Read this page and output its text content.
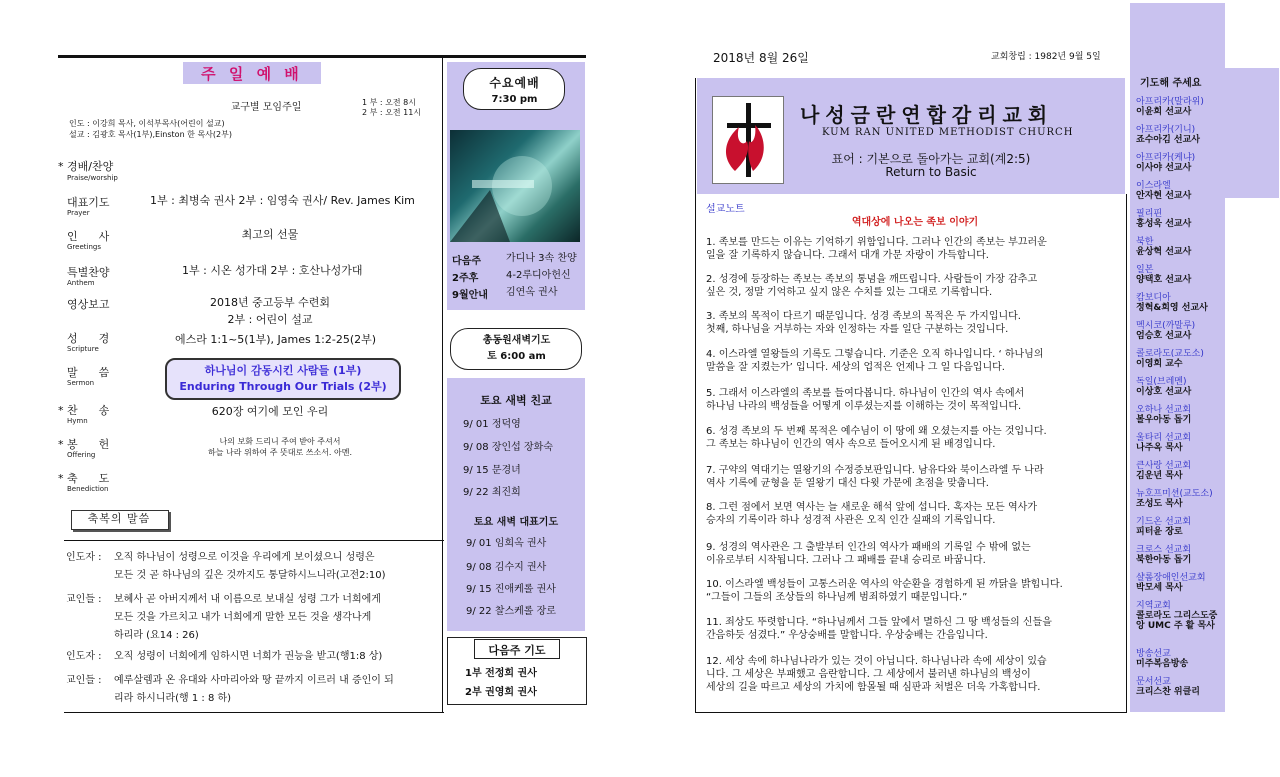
주 일 예 배
교구별 모임주일	1 부 : 오전 8시
2 부 : 오전 11시
인도 : 이강희 목사, 이석부목사(어린이 설교)
설교 : 김광호 목사(1부),Einston 한 목사(2부)
* 경배/찬양
Praise/worship
대표기도
Prayer
1부 : 최병숙 권사 2부 : 임영숙 권사/ Rev. James Kim
인      사
Greetings
최고의 선물
특별찬양
Anthem
1부 : 시온 성가대 2부 : 호산나성가대
영상보고	2018년 중고등부 수련회
2부 : 어린이 설교
성      경
Scripture
에스라 1:1~5(1부), James 1:2-25(2부)
말      씀
Sermon
하나님이 감동시킨 사람들 (1부)
Enduring Through Our Trials (2부)
* 찬      송
Hymn
620장 여기에 모인 우리
* 봉      헌
Offering
나의 보화 드리니 주여 받아 주셔서
하늘 나라 위하여 주 뜻대로 쓰소서. 아멘.
* 축      도
Benediction
축복의 말씀
인도자 : 오직 하나님이 성령으로 이것을 우리에게 보이셨으니 성령은
모든 것 곧 하나님의 깊은 것까지도 통달하시느니라(고전2:10)
교인들 : 보혜사 곧 아버지께서 내 이름으로 보내실 성령 그가 너희에게
모든 것을 가르치고 내가 너희에게 말한 모든 것을 생각나게
하리라 (요14 : 26)
인도자 : 오직 성령이 너희에게 임하시면 너희가 권능을 받고(행1:8 상)
교인들 : 예루살렘과 온 유대와 사마리아와 땅 끝까지 이르러 내 증인이 되
리라 하시니라(행 1 : 8 하)
수요예배
7:30 pm
다음주	가디나 3속 찬양
2주후	4-2루디아헌신
9월안내 김연옥 권사
총동원새벽기도
토 6:00 am
토요 새벽 친교
9/ 01 정덕영
9/ 08 장인섭 장화숙
9/ 15 문경녀
9/ 22 최진희
토요 새벽 대표기도
9/ 01 임희옥 권사
9/ 08 김수지 권사
9/ 15 진애케롤 권사
9/ 22 찰스케롤 장로
다음주 기도
1부 전정희 권사
2부 권영희 권사
2018년 8월 26일	교회창립 : 1982년 9월 5일
나성금란연합감리교회
KUM RAN UNITED METHODIST CHURCH
표어 : 기본으로 돌아가는 교회(계2:5)
Return to Basic
설교노트
역대상에 나오는 족보 이야기
1. 족보를 만드는 이유는 기억하기 위함입니다. 그러나 인간의 족보는 부끄러운
일을 잘 기록하지 않습니다. 그래서 대개 가문 자랑이 가득합니다.
2. 성경에 등장하는 족보는 족보의 통념을 깨뜨립니다. 사람들이 가장 감추고
싶은 것, 정말 기억하고 싶지 않은 수치를 있는 그대로 기록합니다.
3. 족보의 목적이 다르기 때문입니다. 성경 족보의 목적은 두 가지입니다.
첫째, 하나님을 거부하는 자와 인정하는 자를 일단 구분하는 것입니다.
4. 이스라엘 열왕들의 기록도 그렇습니다. 기준은 오직 하나입니다. ‘ 하나님의
말씀을 잘 지켰는가’ 입니다. 세상의 업적은 언제나 그 일 다음입니다.
5. 그래서 이스라엘의 족보를 들여다봅니다. 하나님이 인간의 역사 속에서
하나님 나라의 백성들을 어떻게 이루셨는지를 이해하는 것이 목적입니다.
6. 성경 족보의 두 번째 목적은 예수님이 이 땅에 왜 오셨는지를 아는 것입니다.
그 족보는 하나님이 인간의 역사 속으로 들어오시게 된 배경입니다.
7. 구약의 역대기는 열왕기의 수정증보판입니다. 남유다와 북이스라엘 두 나라
역사 기록에 균형을 둔 열왕기 대신 다윗 가문에 초점을 맞춥니다.
8. 그런 점에서 보면 역사는 늘 새로운 해석 앞에 섭니다. 혹자는 모든 역사가
승자의 기록이라 하나 성경적 사관은 오직 인간 실패의 기록입니다.
9. 성경의 역사관은 그 출발부터 인간의 역사가 패배의 기록일 수 밖에 없는
이유로부터 시작됩니다. 그러나 그 패배를 끝내 승리로 바꿉니다.
10. 이스라엘 백성들이 고통스러운 역사의 악순환을 경험하게 된 까닭을 밝힙니다.
“그들이 그들의 조상들의 하나님께 범죄하였기 때문입니다.”
11. 죄상도 뚜렷합니다. “하나님께서 그들 앞에서 멸하신 그 땅 백성들의 신들을
간음하듯 섬겼다.” 우상숭배를 말합니다. 우상숭배는 간음입니다.
12. 세상 속에 하나님나라가 있는 것이 아닙니다. 하나님나라 속에 세상이 있습
니다. 그 세상은 부패했고 음란합니다. 그 세상에서 불러낸 하나님의 백성이
세상의 길을 따르고 세상의 가치에 함몰될 때 심판과 처벌은 더욱 가혹합니다.
기도해 주세요
아프리카(말라위)
이윤희 선교사
아프리카(기니)
죠수아김 선교사
아프리카(케냐)
이사야 선교사
이스라엘
안자현 선교사
필리핀
홍성욱 선교사
북한
윤상혁 선교사
일본
양택호 선교사
캄보디아
정혁&희영 선교사
멕시코(까말루)
엄승호 선교사
콜로라도(교도소)
이영희 교수
독일(브레멘)
이상호 선교사
오하나 선교회
볼우아동 돕기
울타리 선교회
나주옥 목사
큰사랑 선교회
김운년 목사
뉴호프미션(교도소)
조성도 목사
기드온 선교회
피터윤 장로
크로스 선교회
북한아동 돕기
샬롬장애인선교회
박모세 목사
지역교회
콜로라도 그리스도중앙 UMC 주 활 목사
방송선교
미주복음방송
문서선교
크리스찬 위클리
